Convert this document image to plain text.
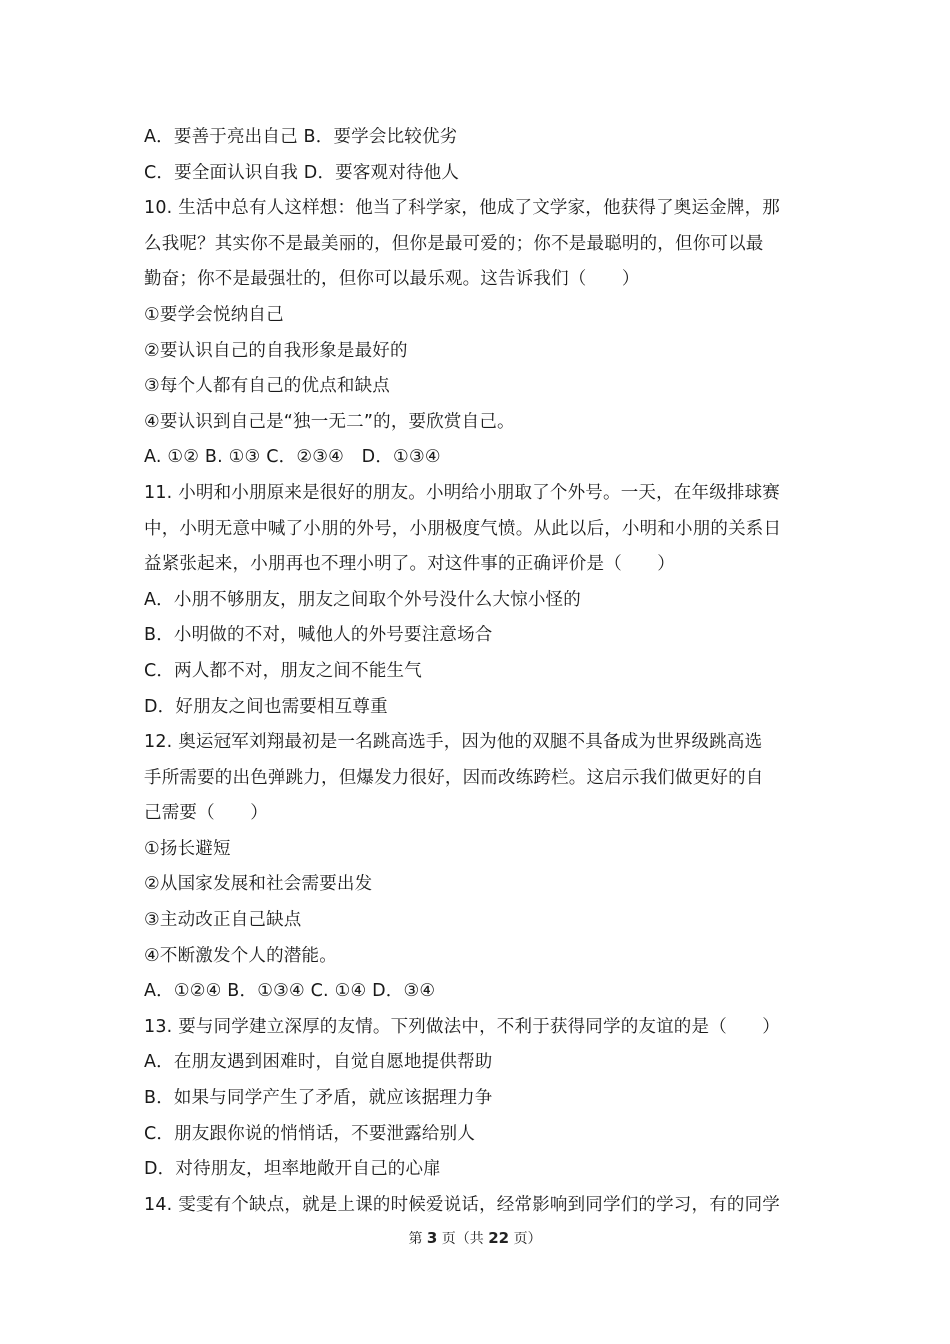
A．要善于亮出自己 B．要学会比较优劣
C．要全面认识自我 D．要客观对待他人
10. 生活中总有人这样想：他当了科学家，他成了文学家，他获得了奥运金牌，那
么我呢？其实你不是最美丽的，但你是最可爱的；你不是最聪明的，但你可以最
勤奋；你不是最强壮的，但你可以最乐观。这告诉我们（　　）
①要学会悦纳自己
②要认识自己的自我形象是最好的
③每个人都有自己的优点和缺点
④要认识到自己是“独一无二”的，要欣赏自己。
A. ①② B. ①③ C．②③④　D．①③④
11. 小明和小朋原来是很好的朋友。小明给小朋取了个外号。一天，在年级排球赛
中，小明无意中喊了小朋的外号，小朋极度气愤。从此以后，小明和小朋的关系日
益紧张起来，小朋再也不理小明了。对这件事的正确评价是（　　）
A．小朋不够朋友，朋友之间取个外号没什么大惊小怪的
B．小明做的不对，喊他人的外号要注意场合
C．两人都不对，朋友之间不能生气
D．好朋友之间也需要相互尊重
12. 奥运冠军刘翔最初是一名跳高选手，因为他的双腿不具备成为世界级跳高选
手所需要的出色弹跳力，但爆发力很好，因而改练跨栏。这启示我们做更好的自
己需要（　　）
①扬长避短
②从国家发展和社会需要出发
③主动改正自己缺点
④不断激发个人的潜能。
A．①②④ B．①③④ C. ①④ D．③④
13. 要与同学建立深厚的友情。下列做法中，不利于获得同学的友谊的是（　　）
A．在朋友遇到困难时，自觉自愿地提供帮助
B．如果与同学产生了矛盾，就应该据理力争
C．朋友跟你说的悄悄话，不要泄露给别人
D．对待朋友，坦率地敞开自己的心扉
14. 雯雯有个缺点，就是上课的时候爱说话，经常影响到同学们的学习，有的同学
第 3 页（共 22 页）
